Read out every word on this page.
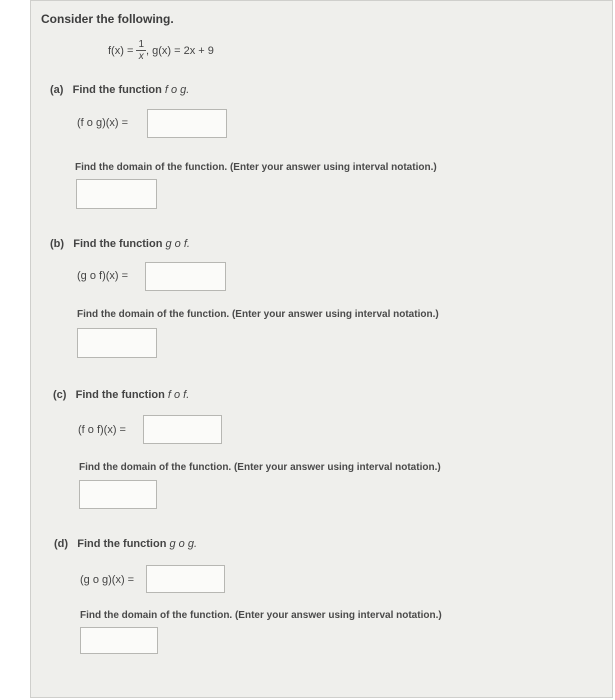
Consider the following.
$f(x) = \frac{1}{x}$ , g(x) = 2x + 9
(a) Find the function f o g.
(f o g)(x) =
Find the domain of the function. (Enter your answer using interval notation.)
(b) Find the function g o f.
(g o f)(x) =
Find the domain of the function. (Enter your answer using interval notation.)
(c) Find the function f o f.
(f o f)(x) =
Find the domain of the function. (Enter your answer using interval notation.)
(d) Find the function g o g.
(g o g)(x) =
Find the domain of the function. (Enter your answer using interval notation.)
